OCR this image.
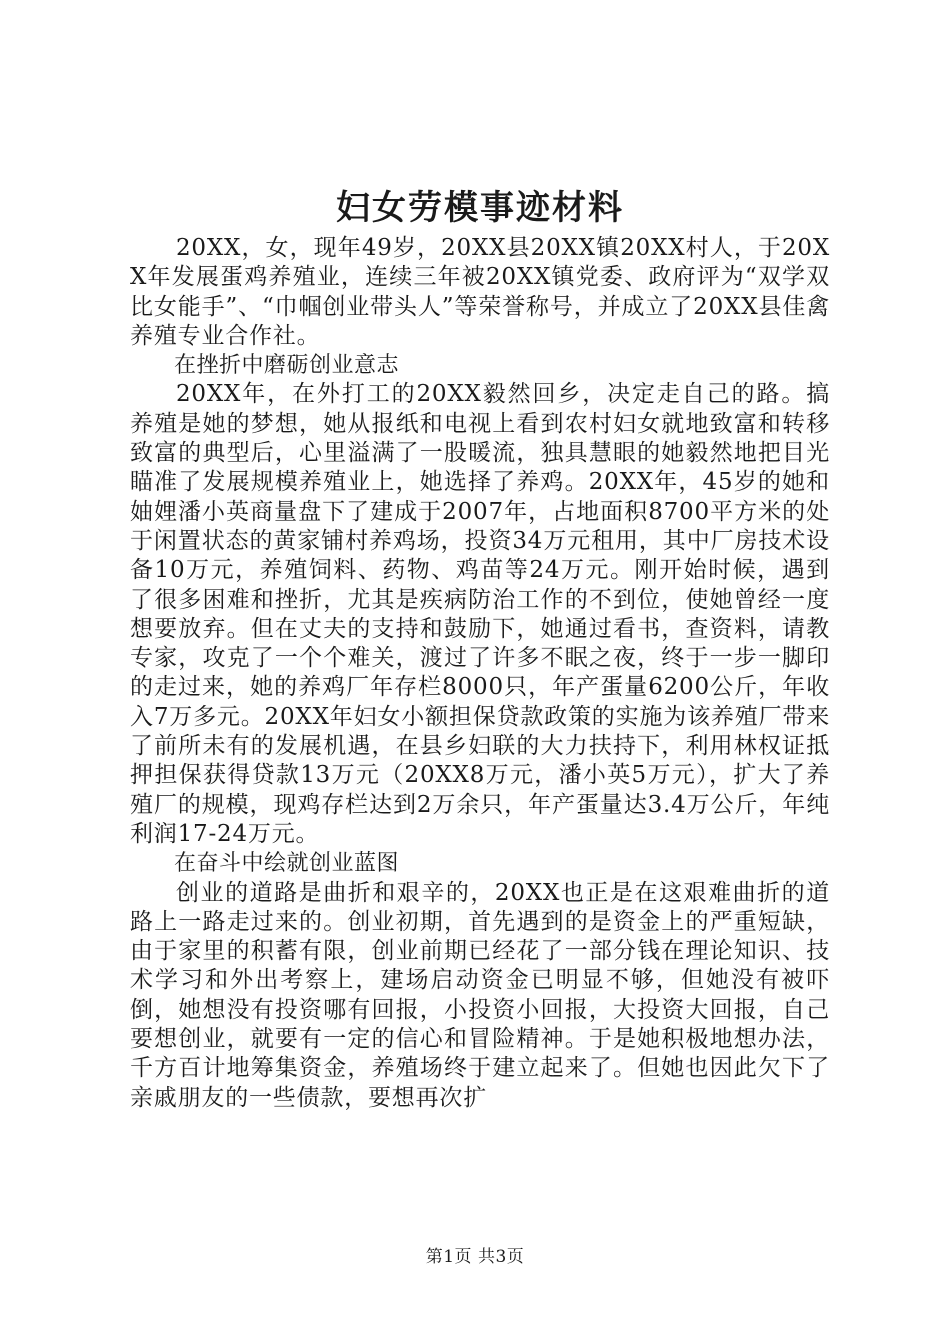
妇女劳模事迹材料

20XX，女，现年49岁，20XX县20XX镇20XX村人，于20XX年发展蛋鸡养殖业，连续三年被20XX镇党委、政府评为“双学双比女能手”、“巾帼创业带头人”等荣誉称号，并成立了20XX县佳禽养殖专业合作社。

在挫折中磨砺创业意志

20XX年，在外打工的20XX毅然回乡，决定走自己的路。搞养殖是她的梦想，她从报纸和电视上看到农村妇女就地致富和转移致富的典型后，心里溢满了一股暖流，独具慧眼的她毅然地把目光瞄准了发展规模养殖业上，她选择了养鸡。20XX年，45岁的她和妯娌潘小英商量盘下了建成于2007年，占地面积8700平方米的处于闲置状态的黄家铺村养鸡场，投资34万元租用，其中厂房技术设备10万元，养殖饲料、药物、鸡苗等24万元。刚开始时候，遇到了很多困难和挫折，尤其是疾病防治工作的不到位，使她曾经一度想要放弃。但在丈夫的支持和鼓励下，她通过看书，查资料，请教专家，攻克了一个个难关，渡过了许多不眠之夜，终于一步一脚印的走过来，她的养鸡厂年存栏8000只，年产蛋量6200公斤，年收入7万多元。20XX年妇女小额担保贷款政策的实施为该养殖厂带来了前所未有的发展机遇，在县乡妇联的大力扶持下，利用林权证抵押担保获得贷款13万元（20XX8万元，潘小英5万元），扩大了养殖厂的规模，现鸡存栏达到2万余只，年产蛋量达3.4万公斤，年纯利润17-24万元。

在奋斗中绘就创业蓝图

创业的道路是曲折和艰辛的，20XX也正是在这艰难曲折的道路上一路走过来的。创业初期，首先遇到的是资金上的严重短缺，由于家里的积蓄有限，创业前期已经花了一部分钱在理论知识、技术学习和外出考察上，建场启动资金已明显不够，但她没有被吓倒，她想没有投资哪有回报，小投资小回报，大投资大回报，自己要想创业，就要有一定的信心和冒险精神。于是她积极地想办法，千方百计地筹集资金，养殖场终于建立起来了。但她也因此欠下了亲戚朋友的一些债款，要想再次扩

第1页 共3页
